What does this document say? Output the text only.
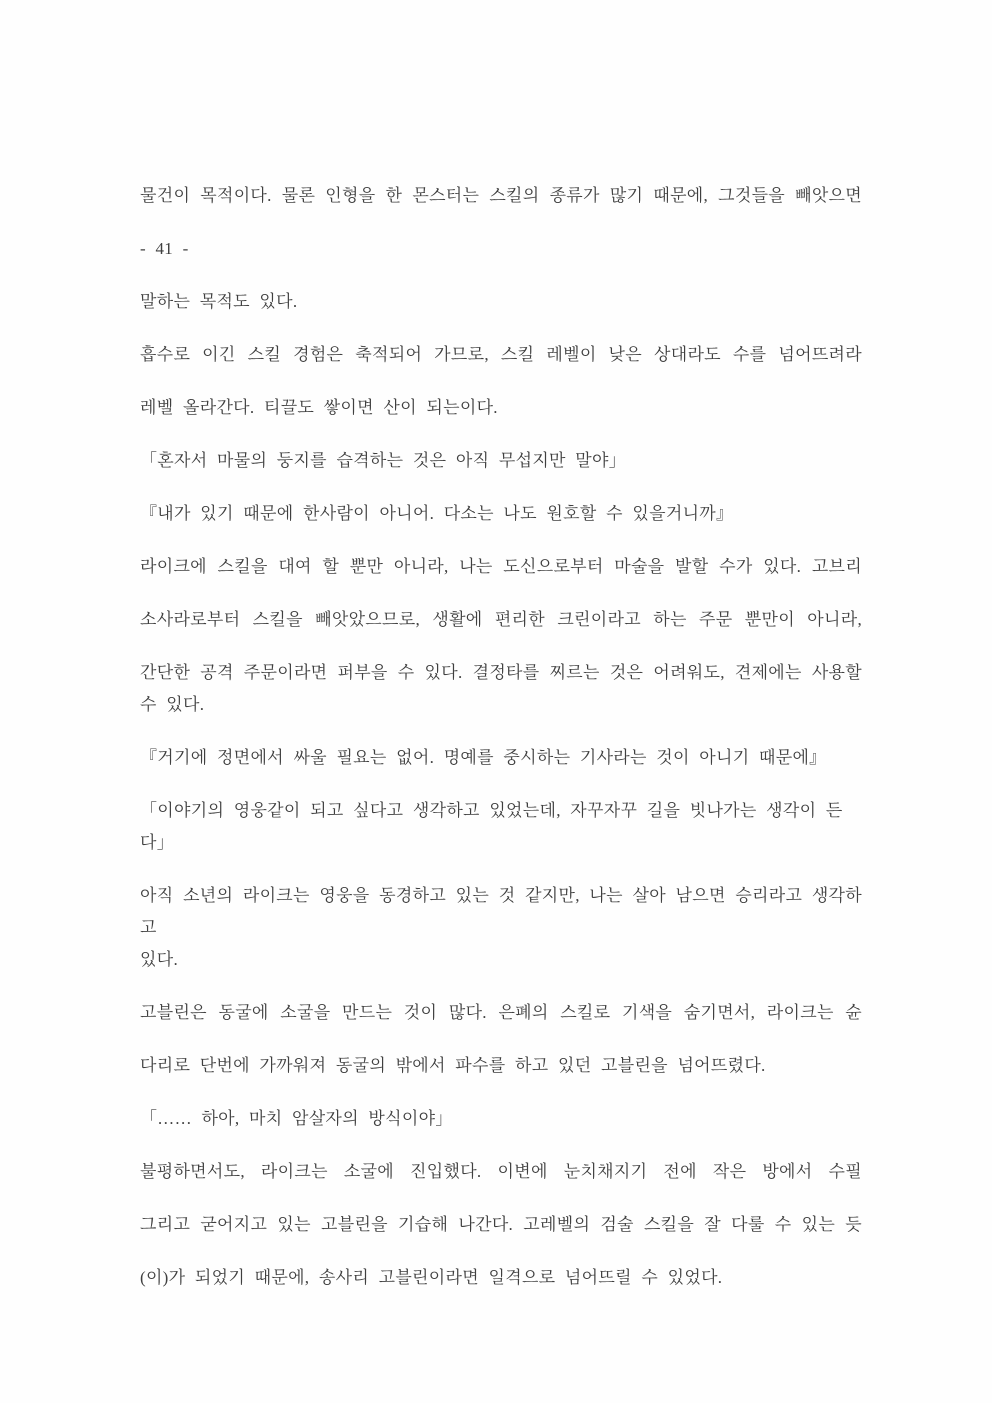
물건이 목적이다. 물론 인형을 한 몬스터는 스킬의 종류가 많기 때문에, 그것들을 빼앗으면
- 41 -
말하는 목적도 있다.
흡수로 이긴 스킬 경험은 축적되어 가므로, 스킬 레벨이 낮은 상대라도 수를 넘어뜨려라
레벨 올라간다. 티끌도 쌓이면 산이 되는이다.
「혼자서 마물의 둥지를 습격하는 것은 아직 무섭지만 말야」
『내가 있기 때문에 한사람이 아니어. 다소는 나도 원호할 수 있을거니까』
라이크에 스킬을 대여 할 뿐만 아니라, 나는 도신으로부터 마술을 발할 수가 있다. 고브리
소사라로부터 스킬을 빼앗았으므로, 생활에 편리한 크린이라고 하는 주문 뿐만이 아니라,
간단한 공격 주문이라면 퍼부을 수 있다. 결정타를 찌르는 것은 어려워도, 견제에는 사용할
수 있다.
『거기에 정면에서 싸울 필요는 없어. 명예를 중시하는 기사라는 것이 아니기 때문에』
「이야기의 영웅같이 되고 싶다고 생각하고 있었는데, 자꾸자꾸 길을 빗나가는 생각이 든다」
아직 소년의 라이크는 영웅을 동경하고 있는 것 같지만, 나는 살아 남으면 승리라고 생각하고
있다.
고블린은 동굴에 소굴을 만드는 것이 많다. 은폐의 스킬로 기색을 숨기면서, 라이크는 슌
다리로 단번에 가까워져 동굴의 밖에서 파수를 하고 있던 고블린을 넘어뜨렸다.
「…… 하아, 마치 암살자의 방식이야」
불평하면서도, 라이크는 소굴에 진입했다. 이변에 눈치채지기 전에 작은 방에서 수필
그리고 굳어지고 있는 고블린을 기습해 나간다. 고레벨의 검술 스킬을 잘 다룰 수 있는 듯
(이)가 되었기 때문에, 송사리 고블린이라면 일격으로 넘어뜨릴 수 있었다.
